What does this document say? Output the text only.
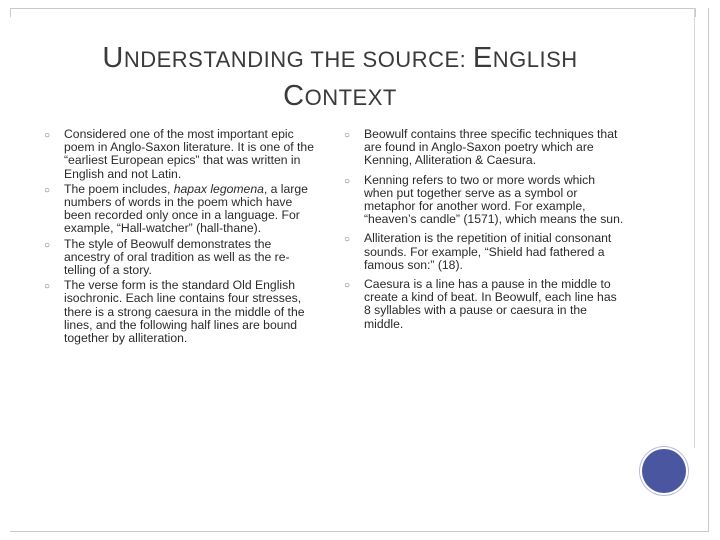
UNDERSTANDING THE SOURCE: ENGLISH
CONTEXT
○ Considered one of the most important epic poem in Anglo-Saxon literature. It is one of the “earliest European epics” that was written in English and not Latin.
○ The poem includes, hapax legomena, a large numbers of words in the poem which have been recorded only once in a language. For example, “Hall-watcher” (hall-thane).
○ The style of Beowulf demonstrates the ancestry of oral tradition as well as the re-telling of a story.
○ The verse form is the standard Old English isochronic. Each line contains four stresses, there is a strong caesura in the middle of the lines, and the following half lines are bound together by alliteration.
○ Beowulf contains three specific techniques that are found in Anglo-Saxon poetry which are Kenning, Alliteration & Caesura.
○ Kenning refers to two or more words which when put together serve as a symbol or metaphor for another word. For example, “heaven’s candle” (1571), which means the sun.
○ Alliteration is the repetition of initial consonant sounds. For example, “Shield had fathered a famous son:” (18).
○ Caesura is a line has a pause in the middle to create a kind of beat. In Beowulf, each line has 8 syllables with a pause or caesura in the middle.
